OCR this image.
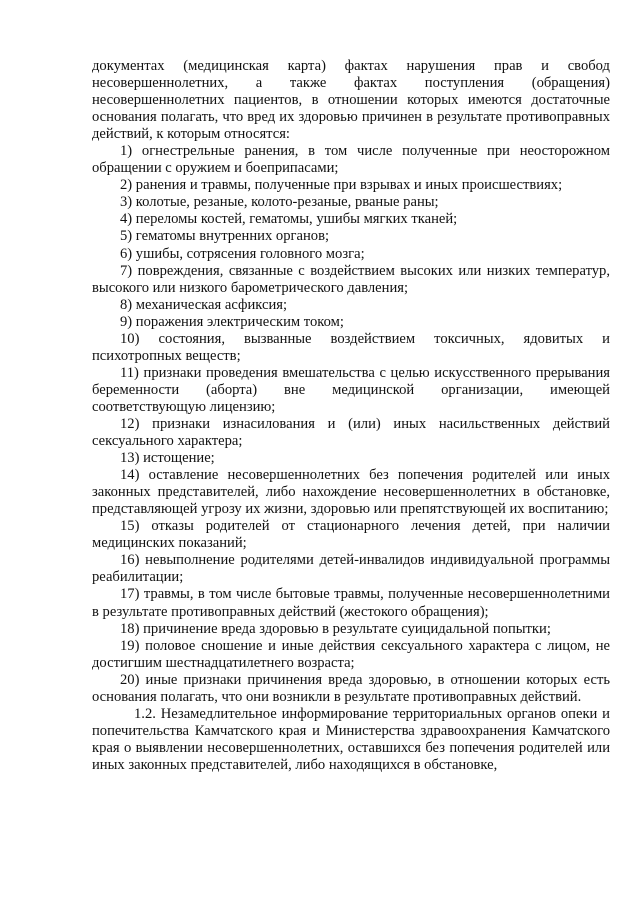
документах (медицинская карта) фактах нарушения прав и свобод несовершеннолетних, а также фактах поступления (обращения) несовершеннолетних пациентов, в отношении которых имеются достаточные основания полагать, что вред их здоровью причинен в результате противоправных действий, к которым относятся:

1) огнестрельные ранения, в том числе полученные при неосторожном обращении с оружием и боеприпасами;

2) ранения и травмы, полученные при взрывах и иных происшествиях;

3) колотые, резаные, колото-резаные, рваные раны;

4) переломы костей, гематомы, ушибы мягких тканей;

5) гематомы внутренних органов;

6) ушибы, сотрясения головного мозга;

7) повреждения, связанные с воздействием высоких или низких температур, высокого или низкого барометрического давления;

8) механическая асфиксия;

9) поражения электрическим током;

10) состояния, вызванные воздействием токсичных, ядовитых и психотропных веществ;

11) признаки проведения вмешательства с целью искусственного прерывания беременности (аборта) вне медицинской организации, имеющей соответствующую лицензию;

12) признаки изнасилования и (или) иных насильственных действий сексуального характера;

13) истощение;

14) оставление несовершеннолетних без попечения родителей или иных законных представителей, либо нахождение несовершеннолетних в обстановке, представляющей угрозу их жизни, здоровью или препятствующей их воспитанию;

15) отказы родителей от стационарного лечения детей, при наличии медицинских показаний;

16) невыполнение родителями детей-инвалидов индивидуальной программы реабилитации;

17) травмы, в том числе бытовые травмы, полученные несовершеннолетними в результате противоправных действий (жестокого обращения);

18) причинение вреда здоровью в результате суицидальной попытки;

19) половое сношение и иные действия сексуального характера с лицом, не достигшим шестнадцатилетнего возраста;

20) иные признаки причинения вреда здоровью, в отношении которых есть основания полагать, что они возникли в результате противоправных действий.

1.2. Незамедлительное информирование территориальных органов опеки и попечительства Камчатского края и Министерства здравоохранения Камчатского края о выявлении несовершеннолетних, оставшихся без попечения родителей или иных законных представителей, либо находящихся в обстановке,
